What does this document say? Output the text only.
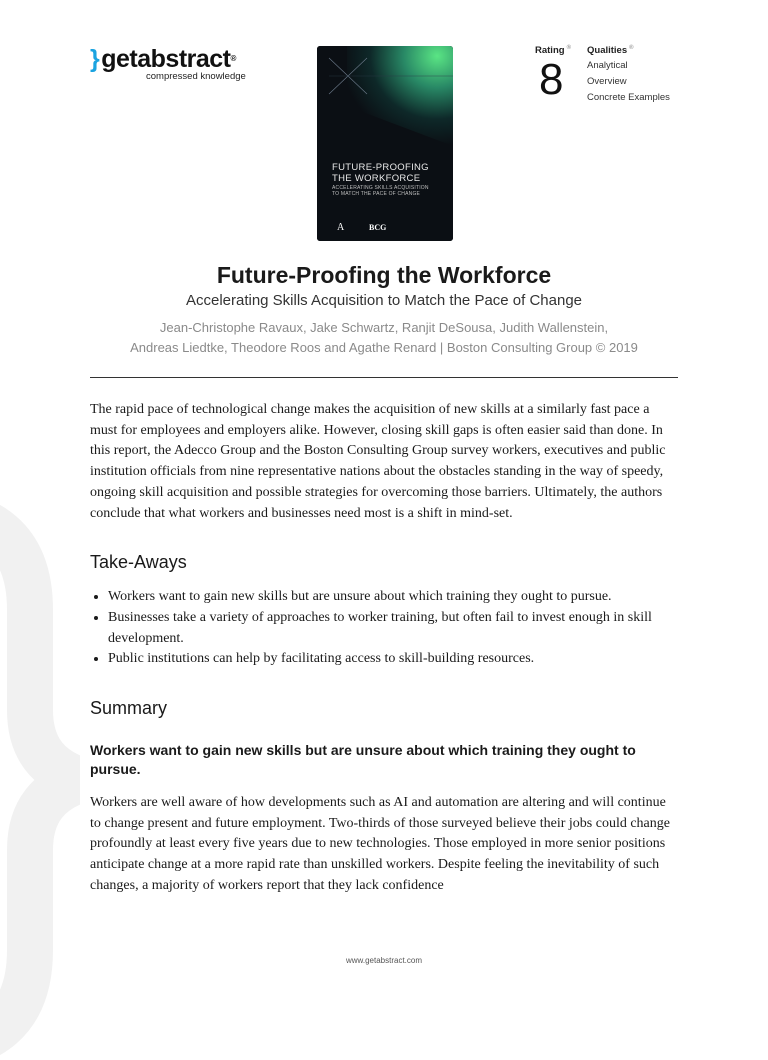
}getabstract®
compressed knowledge
FUTURE-PROOFING
THE WORKFORCE
ACCELERATING SKILLS ACQUISITION
TO MATCH THE PACE OF CHANGE
A	BCG
Rating ®
8
Qualities ®
Analytical
Overview
Concrete Examples
Future-Proofing the Workforce
Accelerating Skills Acquisition to Match the Pace of Change
Jean-Christophe Ravaux, Jake Schwartz, Ranjit DeSousa, Judith Wallenstein,
Andreas Liedtke, Theodore Roos and Agathe Renard | Boston Consulting Group © 2019

The rapid pace of technological change makes the acquisition of new skills at a similarly fast pace a must for employees and employers alike. However, closing skill gaps is often easier said than done. In this report, the Adecco Group and the Boston Consulting Group survey workers, executives and public institution officials from nine representative nations about the obstacles standing in the way of speedy, ongoing skill acquisition and possible strategies for overcoming those barriers. Ultimately, the authors conclude that what workers and businesses need most is a shift in mind-set.

Take-Aways
• Workers want to gain new skills but are unsure about which training they ought to pursue.
• Businesses take a variety of approaches to worker training, but often fail to invest enough in skill development.
• Public institutions can help by facilitating access to skill-building resources.
Summary

Workers want to gain new skills but are unsure about which training they ought to pursue.

Workers are well aware of how developments such as AI and automation are altering and will continue to change present and future employment. Two-thirds of those surveyed believe their jobs could change profoundly at least every five years due to new technologies. Those employed in more senior positions anticipate change at a more rapid rate than unskilled workers. Despite feeling the inevitability of such changes, a majority of workers report that they lack confidence

www.getabstract.com
